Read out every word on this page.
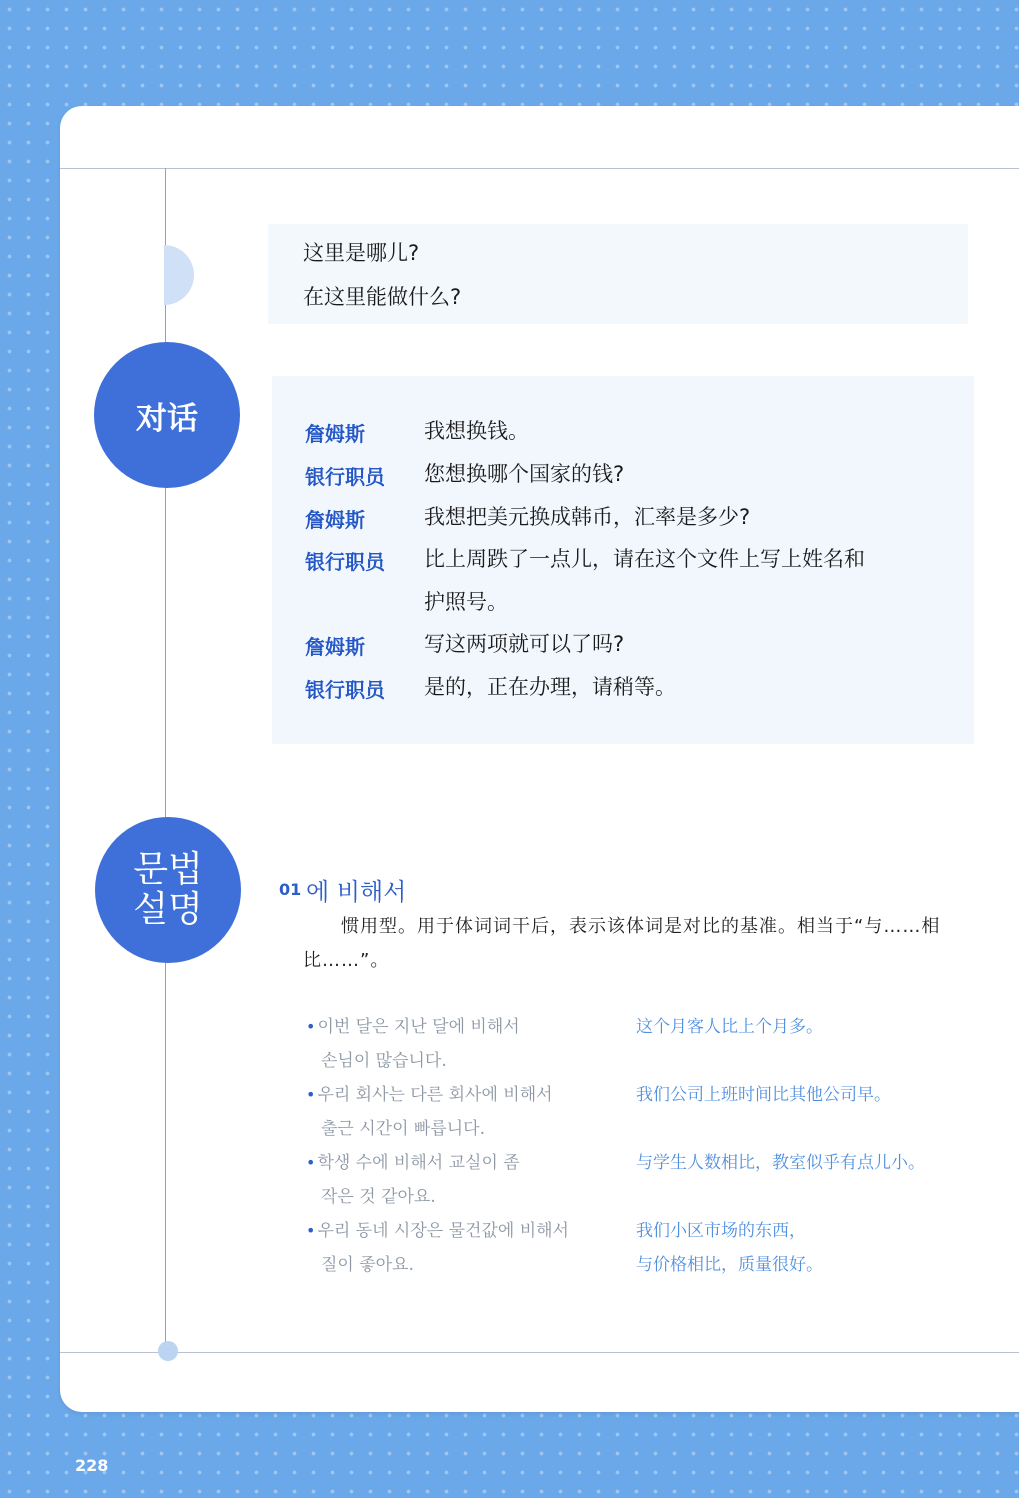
这里是哪儿?
在这里能做什么?
对话	詹姆斯	我想换钱。
银行职员 您想换哪个国家的钱?
詹姆斯	我想把美元换成韩币，汇率是多少?
银行职员 比上周跌了一点儿，请在这个文件上写上姓名和
护照号。
詹姆斯	写这两项就可以了吗?
银行职员 是的，正在办理，请稍等。
문법
설명	01 에 비해서
惯用型。用于体词词干后，表示该体词是对比的基准。相当于“与……相比……”。
• 이번 달은 지난 달에 비해서
손님이 많습니다.
这个月客人比上个月多。
• 우리 회사는 다른 회사에 비해서
출근 시간이 빠릅니다.
我们公司上班时间比其他公司早。
• 학생 수에 비해서 교실이 좀
작은 것 같아요.
与学生人数相比，教室似乎有点儿小。
• 우리 동네 시장은 물건값에 비해서
질이 좋아요.
我们小区市场的东西，
与价格相比，质量很好。
228
